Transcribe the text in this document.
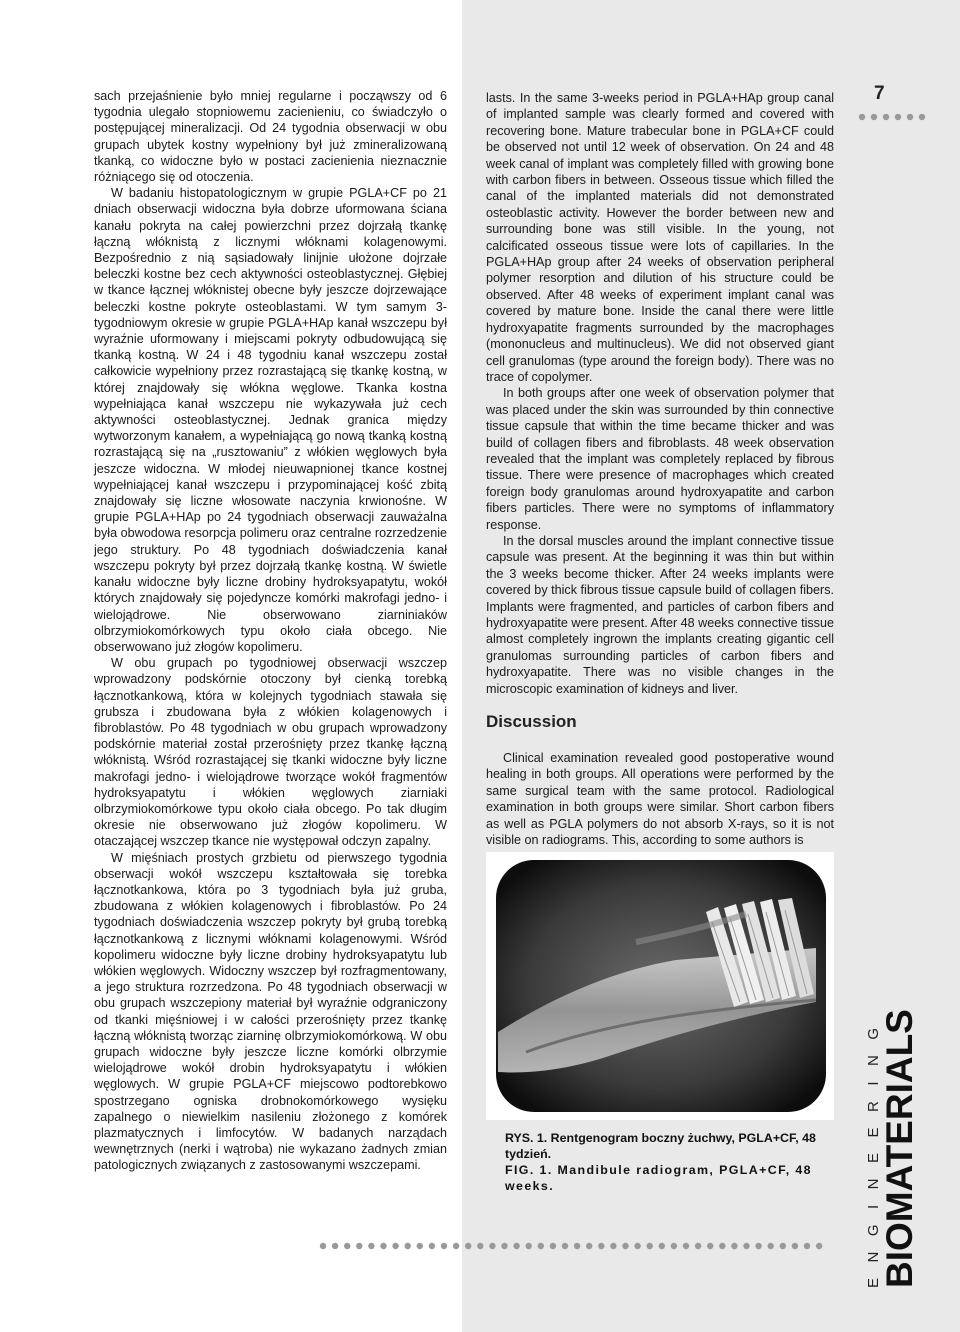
sach przejaśnienie było mniej regularne i począwszy od 6 tygodnia ulegało stopniowemu zacienieniu, co świadczyło o postępującej mineralizacji. Od 24 tygodnia obserwacji w obu grupach ubytek kostny wypełniony był już zmineralizowaną tkanką, co widoczne było w postaci zacienienia nieznacznie różniącego się od otoczenia.

W badaniu histopatologicznym w grupie PGLA+CF po 21 dniach obserwacji widoczna była dobrze uformowana ściana kanału pokryta na całej powierzchni przez dojrzałą tkankę łączną włóknistą z licznymi włóknami kolagenowymi. Bezpośrednio z nią sąsiadowały linijnie ułożone dojrzałe beleczki kostne bez cech aktywności osteoblastycznej. Głębiej w tkance łącznej włóknistej obecne były jeszcze dojrzewające beleczki kostne pokryte osteoblastami. W tym samym 3-tygodniowym okresie w grupie PGLA+HAp kanał wszczepu był wyraźnie uformowany i miejscami pokryty odbudowującą się tkanką kostną. W 24 i 48 tygodniu kanał wszczepu został całkowicie wypełniony przez rozrastającą się tkankę kostną, w której znajdowały się włókna węglowe. Tkanka kostna wypełniająca kanał wszczepu nie wykazywała już cech aktywności osteoblastycznej. Jednak granica między wytworzonym kanałem, a wypełniającą go nową tkanką kostną rozrastającą się na „rusztowaniu” z włókien węglowych była jeszcze widoczna. W młodej nieuwapnionej tkance kostnej wypełniającej kanał wszczepu i przypominającej kość zbitą znajdowały się liczne włosowate naczynia krwionośne. W grupie PGLA+HAp po 24 tygodniach obserwacji zauważalna była obwodowa resorpcja polimeru oraz centralne rozrzedzenie jego struktury. Po 48 tygodniach doświadczenia kanał wszczepu pokryty był przez dojrzałą tkankę kostną. W świetle kanału widoczne były liczne drobiny hydroksyapatytu, wokół których znajdowały się pojedyncze komórki makrofagi jedno- i wielojądrowe. Nie obserwowano ziarniniaków olbrzymiokomórkowych typu około ciała obcego. Nie obserwowano już złogów kopolimeru.

W obu grupach po tygodniowej obserwacji wszczep wprowadzony podskórnie otoczony był cienką torebką łącznotkankową, która w kolejnych tygodniach stawała się grubsza i zbudowana była z włókien kolagenowych i fibroblastów. Po 48 tygodniach w obu grupach wprowadzony podskórnie materiał został przerośnięty przez tkankę łączną włóknistą. Wśród rozrastającej się tkanki widoczne były liczne makrofagi jedno- i wielojądrowe tworzące wokół fragmentów hydroksyapatytu i włókien węglowych ziarniaki olbrzymiokomórkowe typu około ciała obcego. Po tak długim okresie nie obserwowano już złogów kopolimeru. W otaczającej wszczep tkance nie występował odczyn zapalny.

W mięśniach prostych grzbietu od pierwszego tygodnia obserwacji wokół wszczepu kształtowała się torebka łącznotkankowa, która po 3 tygodniach była już gruba, zbudowana z włókien kolagenowych i fibroblastów. Po 24 tygodniach doświadczenia wszczep pokryty był grubą torebką łącznotkankową z licznymi włóknami kolagenowymi. Wśród kopolimeru widoczne były liczne drobiny hydroksyapatytu lub włókien węglowych. Widoczny wszczep był rozfragmentowany, a jego struktura rozrzedzona. Po 48 tygodniach obserwacji w obu grupach wszczepiony materiał był wyraźnie odgraniczony od tkanki mięśniowej i w całości przerośnięty przez tkankę łączną włóknistą tworząc ziarninę olbrzymiokomórkową. W obu grupach widoczne były jeszcze liczne komórki olbrzymie wielojądrowe wokół drobin hydroksyapatytu i włókien węglowych. W grupie PGLA+CF miejscowo podtorebkowo spostrzegano ogniska drobnokomórkowego wysięku zapalnego o niewielkim nasileniu złożonego z komórek plazmatycznych i limfocytów. W badanych narządach wewnętrznych (nerki i wątroba) nie wykazano żadnych zmian patologicznych związanych z zastosowanymi wszczepami.

lasts. In the same 3-weeks period in PGLA+HAp group canal of implanted sample was clearly formed and covered with recovering bone. Mature trabecular bone in PGLA+CF could be observed not until 12 week of observation. On 24 and 48 week canal of implant was completely filled with growing bone with carbon fibers in between. Osseous tissue which filled the canal of the implanted materials did not demonstrated osteoblastic activity. However the border between new and surrounding bone was still visible. In the young, not calcificated osseous tissue were lots of capillaries. In the PGLA+HAp group after 24 weeks of observation peripheral polymer resorption and dilution of his structure could be observed. After 48 weeks of experiment implant canal was covered by mature bone. Inside the canal there were little hydroxyapatite fragments surrounded by the macrophages (mononucleus and multinucleus). We did not observed giant cell granulomas (type around the foreign body). There was no trace of copolymer.

In both groups after one week of observation polymer that was placed under the skin was surrounded by thin connective tissue capsule that within the time became thicker and was build of collagen fibers and fibroblasts. 48 week observation revealed that the implant was completely replaced by fibrous tissue. There were presence of macrophages which created foreign body granulomas around hydroxyapatite and carbon fibers particles. There were no symptoms of inflammatory response.

In the dorsal muscles around the implant connective tissue capsule was present. At the beginning it was thin but within the 3 weeks become thicker. After 24 weeks implants were covered by thick fibrous tissue capsule build of collagen fibers. Implants were fragmented, and particles of carbon fibers and hydroxyapatite were present. After 48 weeks connective tissue almost completely ingrown the implants creating gigantic cell granulomas surrounding particles of carbon fibers and hydroxyapatite. There was no visible changes in the microscopic examination of kidneys and liver.

Discussion

Clinical examination revealed good postoperative wound healing in both groups. All operations were performed by the same surgical team with the same protocol. Radiological examination in both groups were similar. Short carbon fibers as well as PGLA polymers do not absorb X-rays, so it is not visible on radiograms. This, according to some authors is

RYS. 1. Rentgenogram boczny żuchwy, PGLA+CF, 48 tydzień.

FIG. 1. Mandibule radiogram, PGLA+CF, 48 weeks.

7
ENGINEERING OF
BIOMATERIALS
